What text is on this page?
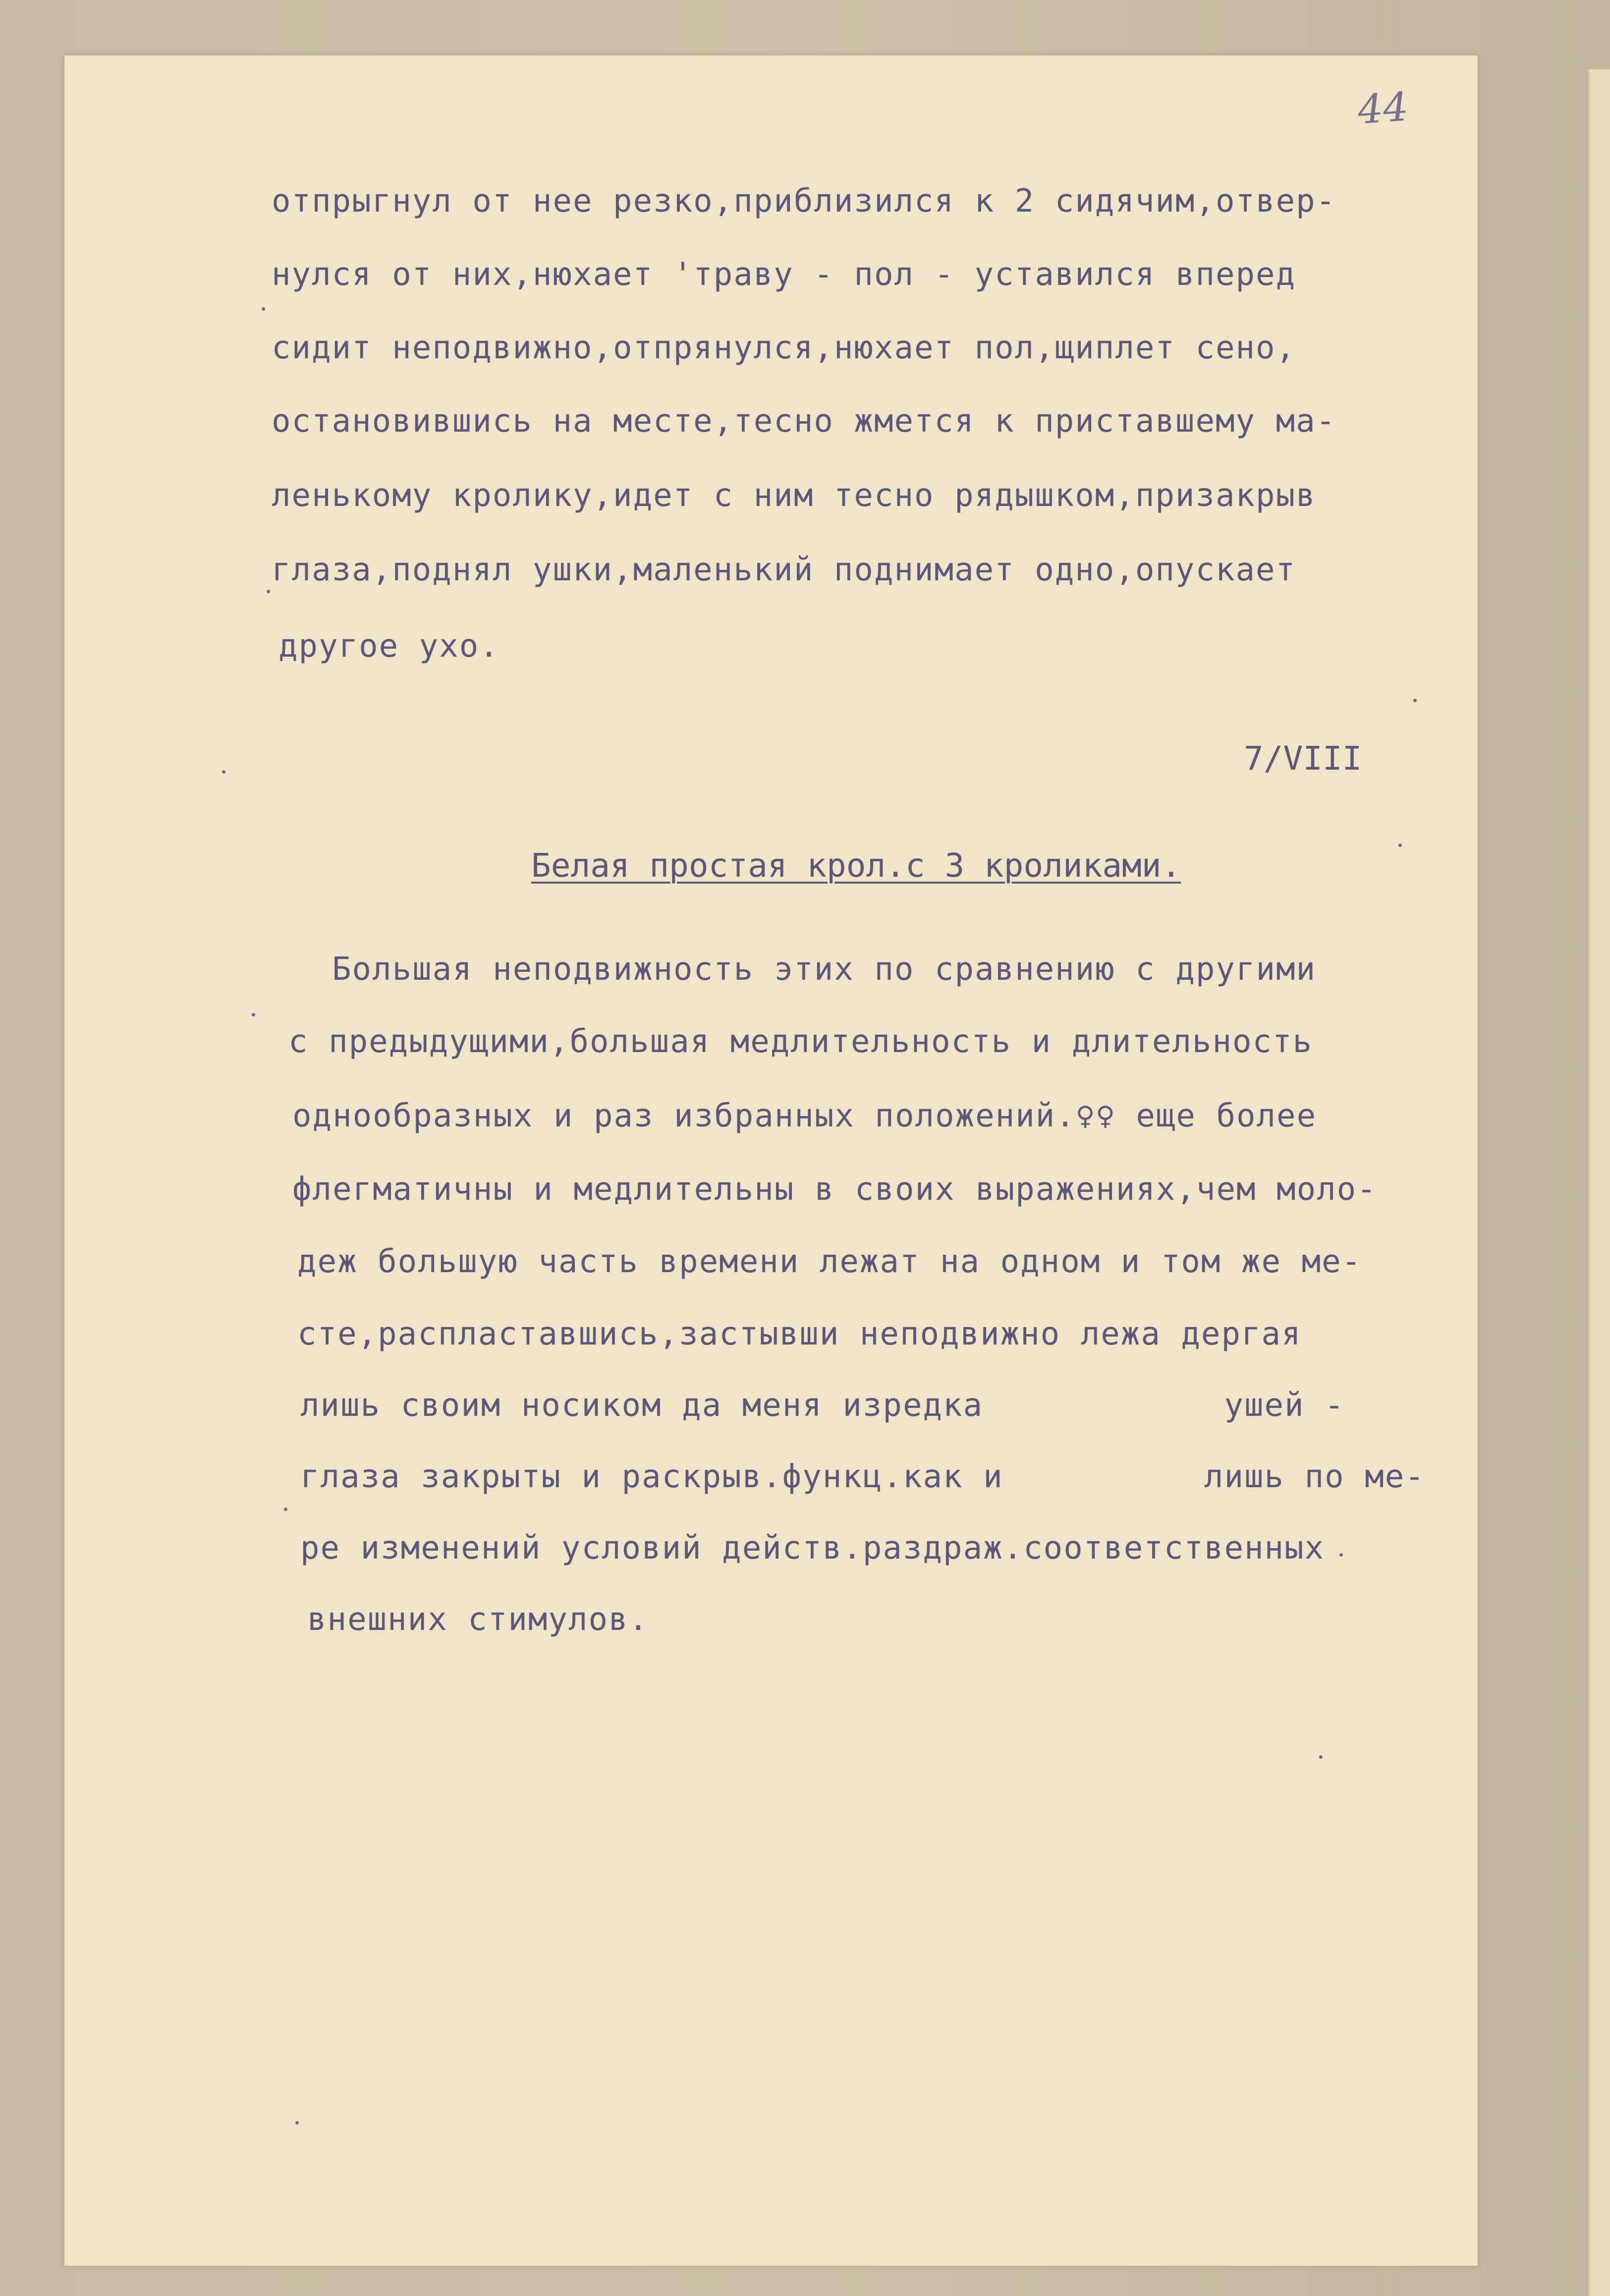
44
отпрыгнул от нее резко,приблизился к 2 сидячим,отвер-
нулся от них,нюхает 'траву - пол - уставился вперед
сидит неподвижно,отпрянулся,нюхает пол,щиплет сено,
остановившись на месте,тесно жмется к приставшему ма-
ленькому кролику,идет с ним тесно рядышком,призакрыв
глаза,поднял ушки,маленький поднимает одно,опускает
другое ухо.
7/VIII
Белая простая крол.с 3 кроликами.
Большая неподвижность этих по сравнению с другими
с предыдущими,большая медлительность и длительность
однообразных и раз избранных положений.♀♀ еще более
флегматичны и медлительны в своих выражениях,чем моло-
деж большую часть времени лежат на одном и том же ме-
сте,распластавшись,застывши неподвижно лежа дергая
лишь своим носиком да меня изредка            ушей -
глаза закрыты и раскрыв.функц.как и          лишь по ме-
ре изменений условий действ.раздраж.соответственных
внешних стимулов.
